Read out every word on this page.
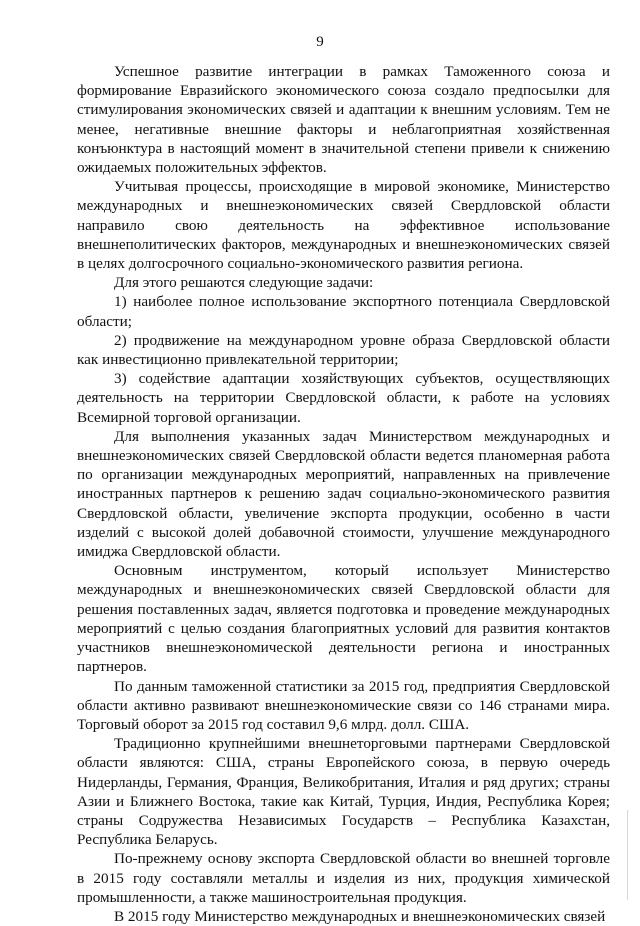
9

Успешное развитие интеграции в рамках Таможенного союза и формирование Евразийского экономического союза создало предпосылки для стимулирования экономических связей и адаптации к внешним условиям. Тем не менее, негативные внешние факторы и неблагоприятная хозяйственная конъюнктура в настоящий момент в значительной степени привели к снижению ожидаемых положительных эффектов.

Учитывая процессы, происходящие в мировой экономике, Министерство международных и внешнеэкономических связей Свердловской области направило свою деятельность на эффективное использование внешнеполитических факторов, международных и внешнеэкономических связей в целях долгосрочного социально-экономического развития региона.

Для этого решаются следующие задачи:

1) наиболее полное использование экспортного потенциала Свердловской области;

2) продвижение на международном уровне образа Свердловской области как инвестиционно привлекательной территории;

3) содействие адаптации хозяйствующих субъектов, осуществляющих деятельность на территории Свердловской области, к работе на условиях Всемирной торговой организации.

Для выполнения указанных задач Министерством международных и внешнеэкономических связей Свердловской области ведется планомерная работа по организации международных мероприятий, направленных на привлечение иностранных партнеров к решению задач социально-экономического развития Свердловской области, увеличение экспорта продукции, особенно в части изделий с высокой долей добавочной стоимости, улучшение международного имиджа Свердловской области.

Основным инструментом, который использует Министерство международных и внешнеэкономических связей Свердловской области для решения поставленных задач, является подготовка и проведение международных мероприятий с целью создания благоприятных условий для развития контактов участников внешнеэкономической деятельности региона и иностранных партнеров.

По данным таможенной статистики за 2015 год, предприятия Свердловской области активно развивают внешнеэкономические связи со 146 странами мира. Торговый оборот за 2015 год составил 9,6 млрд. долл. США.

Традиционно крупнейшими внешнеторговыми партнерами Свердловской области являются: США, страны Европейского союза, в первую очередь Нидерланды, Германия, Франция, Великобритания, Италия и ряд других; страны Азии и Ближнего Востока, такие как Китай, Турция, Индия, Республика Корея; страны Содружества Независимых Государств – Республика Казахстан, Республика Беларусь.

По-прежнему основу экспорта Свердловской области во внешней торговле в 2015 году составляли металлы и изделия из них, продукция химической промышленности, а также машиностроительная продукция.

В 2015 году Министерство международных и внешнеэкономических связей
